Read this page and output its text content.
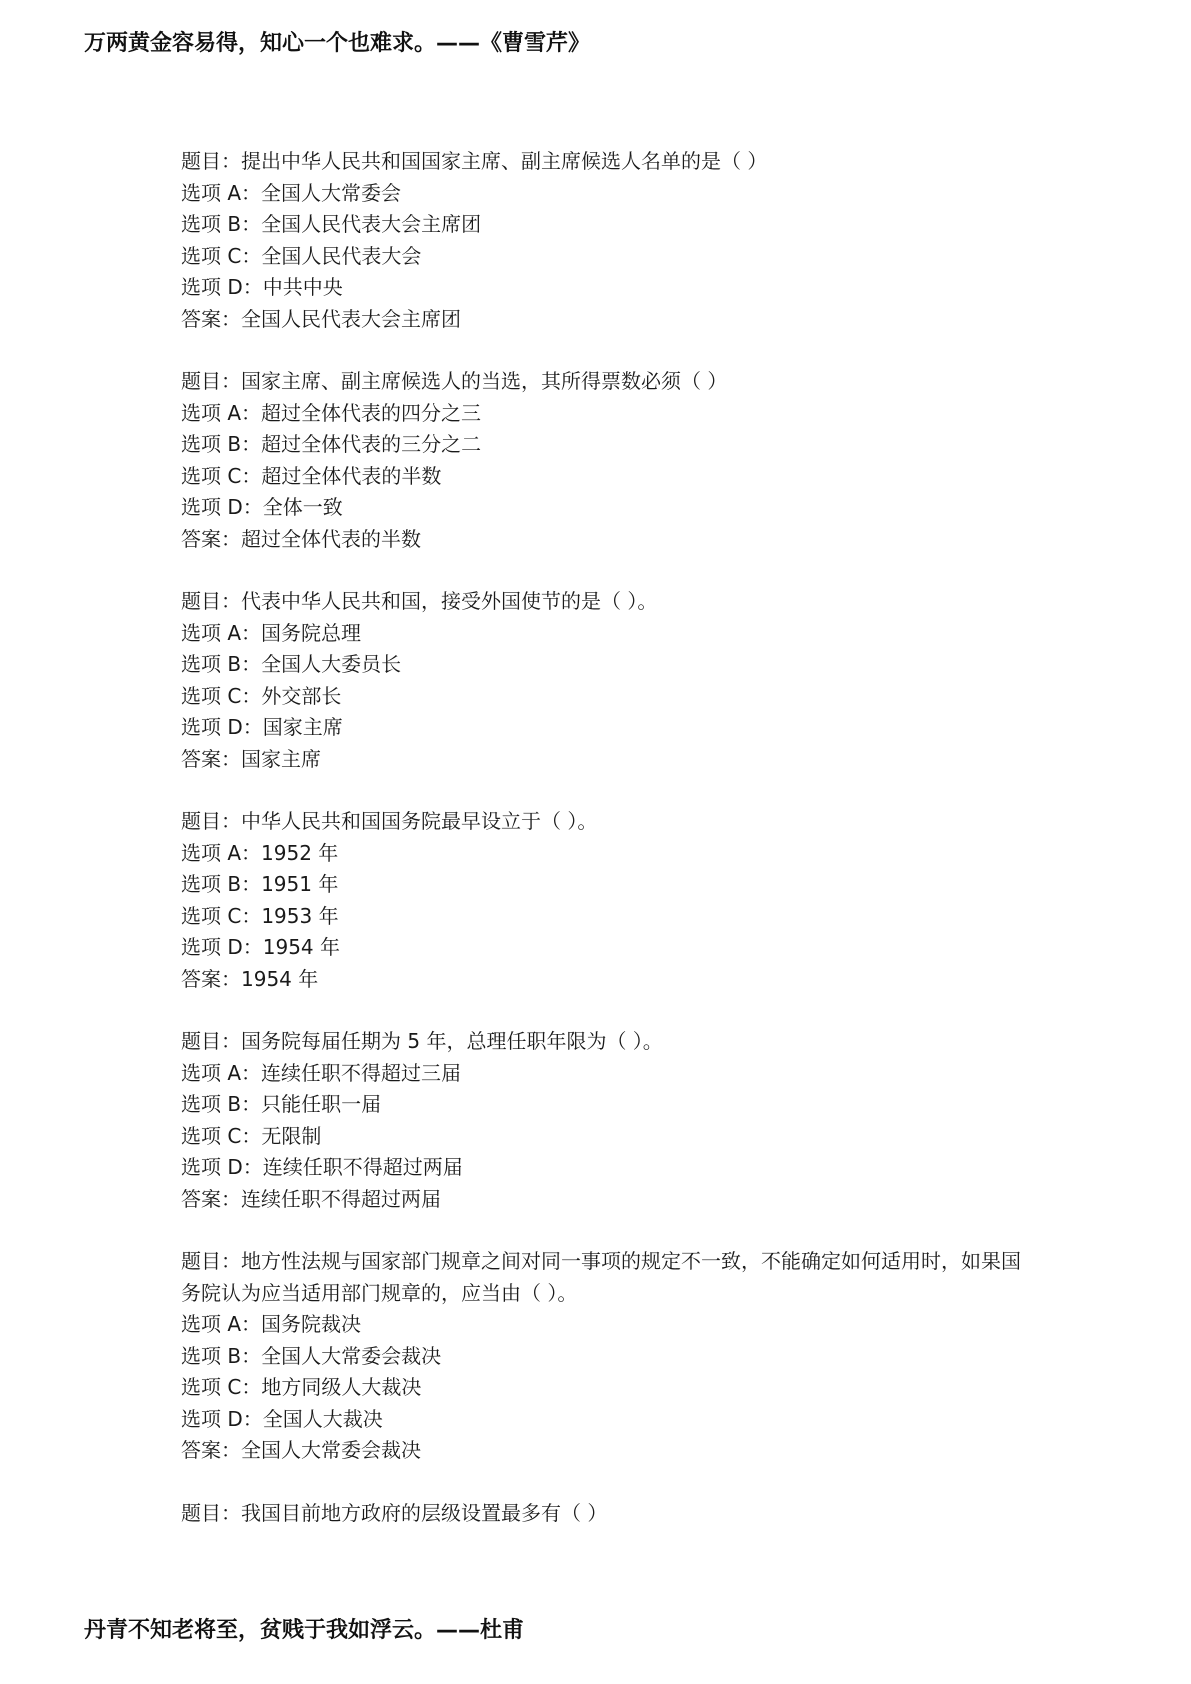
万两黄金容易得，知心一个也难求。——《曹雪芹》
题目：提出中华人民共和国国家主席、副主席候选人名单的是（ ）
选项 A：全国人大常委会
选项 B：全国人民代表大会主席团
选项 C：全国人民代表大会
选项 D：中共中央
答案：全国人民代表大会主席团
题目：国家主席、副主席候选人的当选，其所得票数必须（ ）
选项 A：超过全体代表的四分之三
选项 B：超过全体代表的三分之二
选项 C：超过全体代表的半数
选项 D：全体一致
答案：超过全体代表的半数
题目：代表中华人民共和国，接受外国使节的是（ ）。
选项 A：国务院总理
选项 B：全国人大委员长
选项 C：外交部长
选项 D：国家主席
答案：国家主席
题目：中华人民共和国国务院最早设立于（ ）。
选项 A：1952 年
选项 B：1951 年
选项 C：1953 年
选项 D：1954 年
答案：1954 年
题目：国务院每届任期为 5 年，总理任职年限为（ ）。
选项 A：连续任职不得超过三届
选项 B：只能任职一届
选项 C：无限制
选项 D：连续任职不得超过两届
答案：连续任职不得超过两届
题目：地方性法规与国家部门规章之间对同一事项的规定不一致，不能确定如何适用时，如果国务院认为应当适用部门规章的，应当由（ ）。
选项 A：国务院裁决
选项 B：全国人大常委会裁决
选项 C：地方同级人大裁决
选项 D：全国人大裁决
答案：全国人大常委会裁决
题目：我国目前地方政府的层级设置最多有（ ）
丹青不知老将至，贫贱于我如浮云。——杜甫
